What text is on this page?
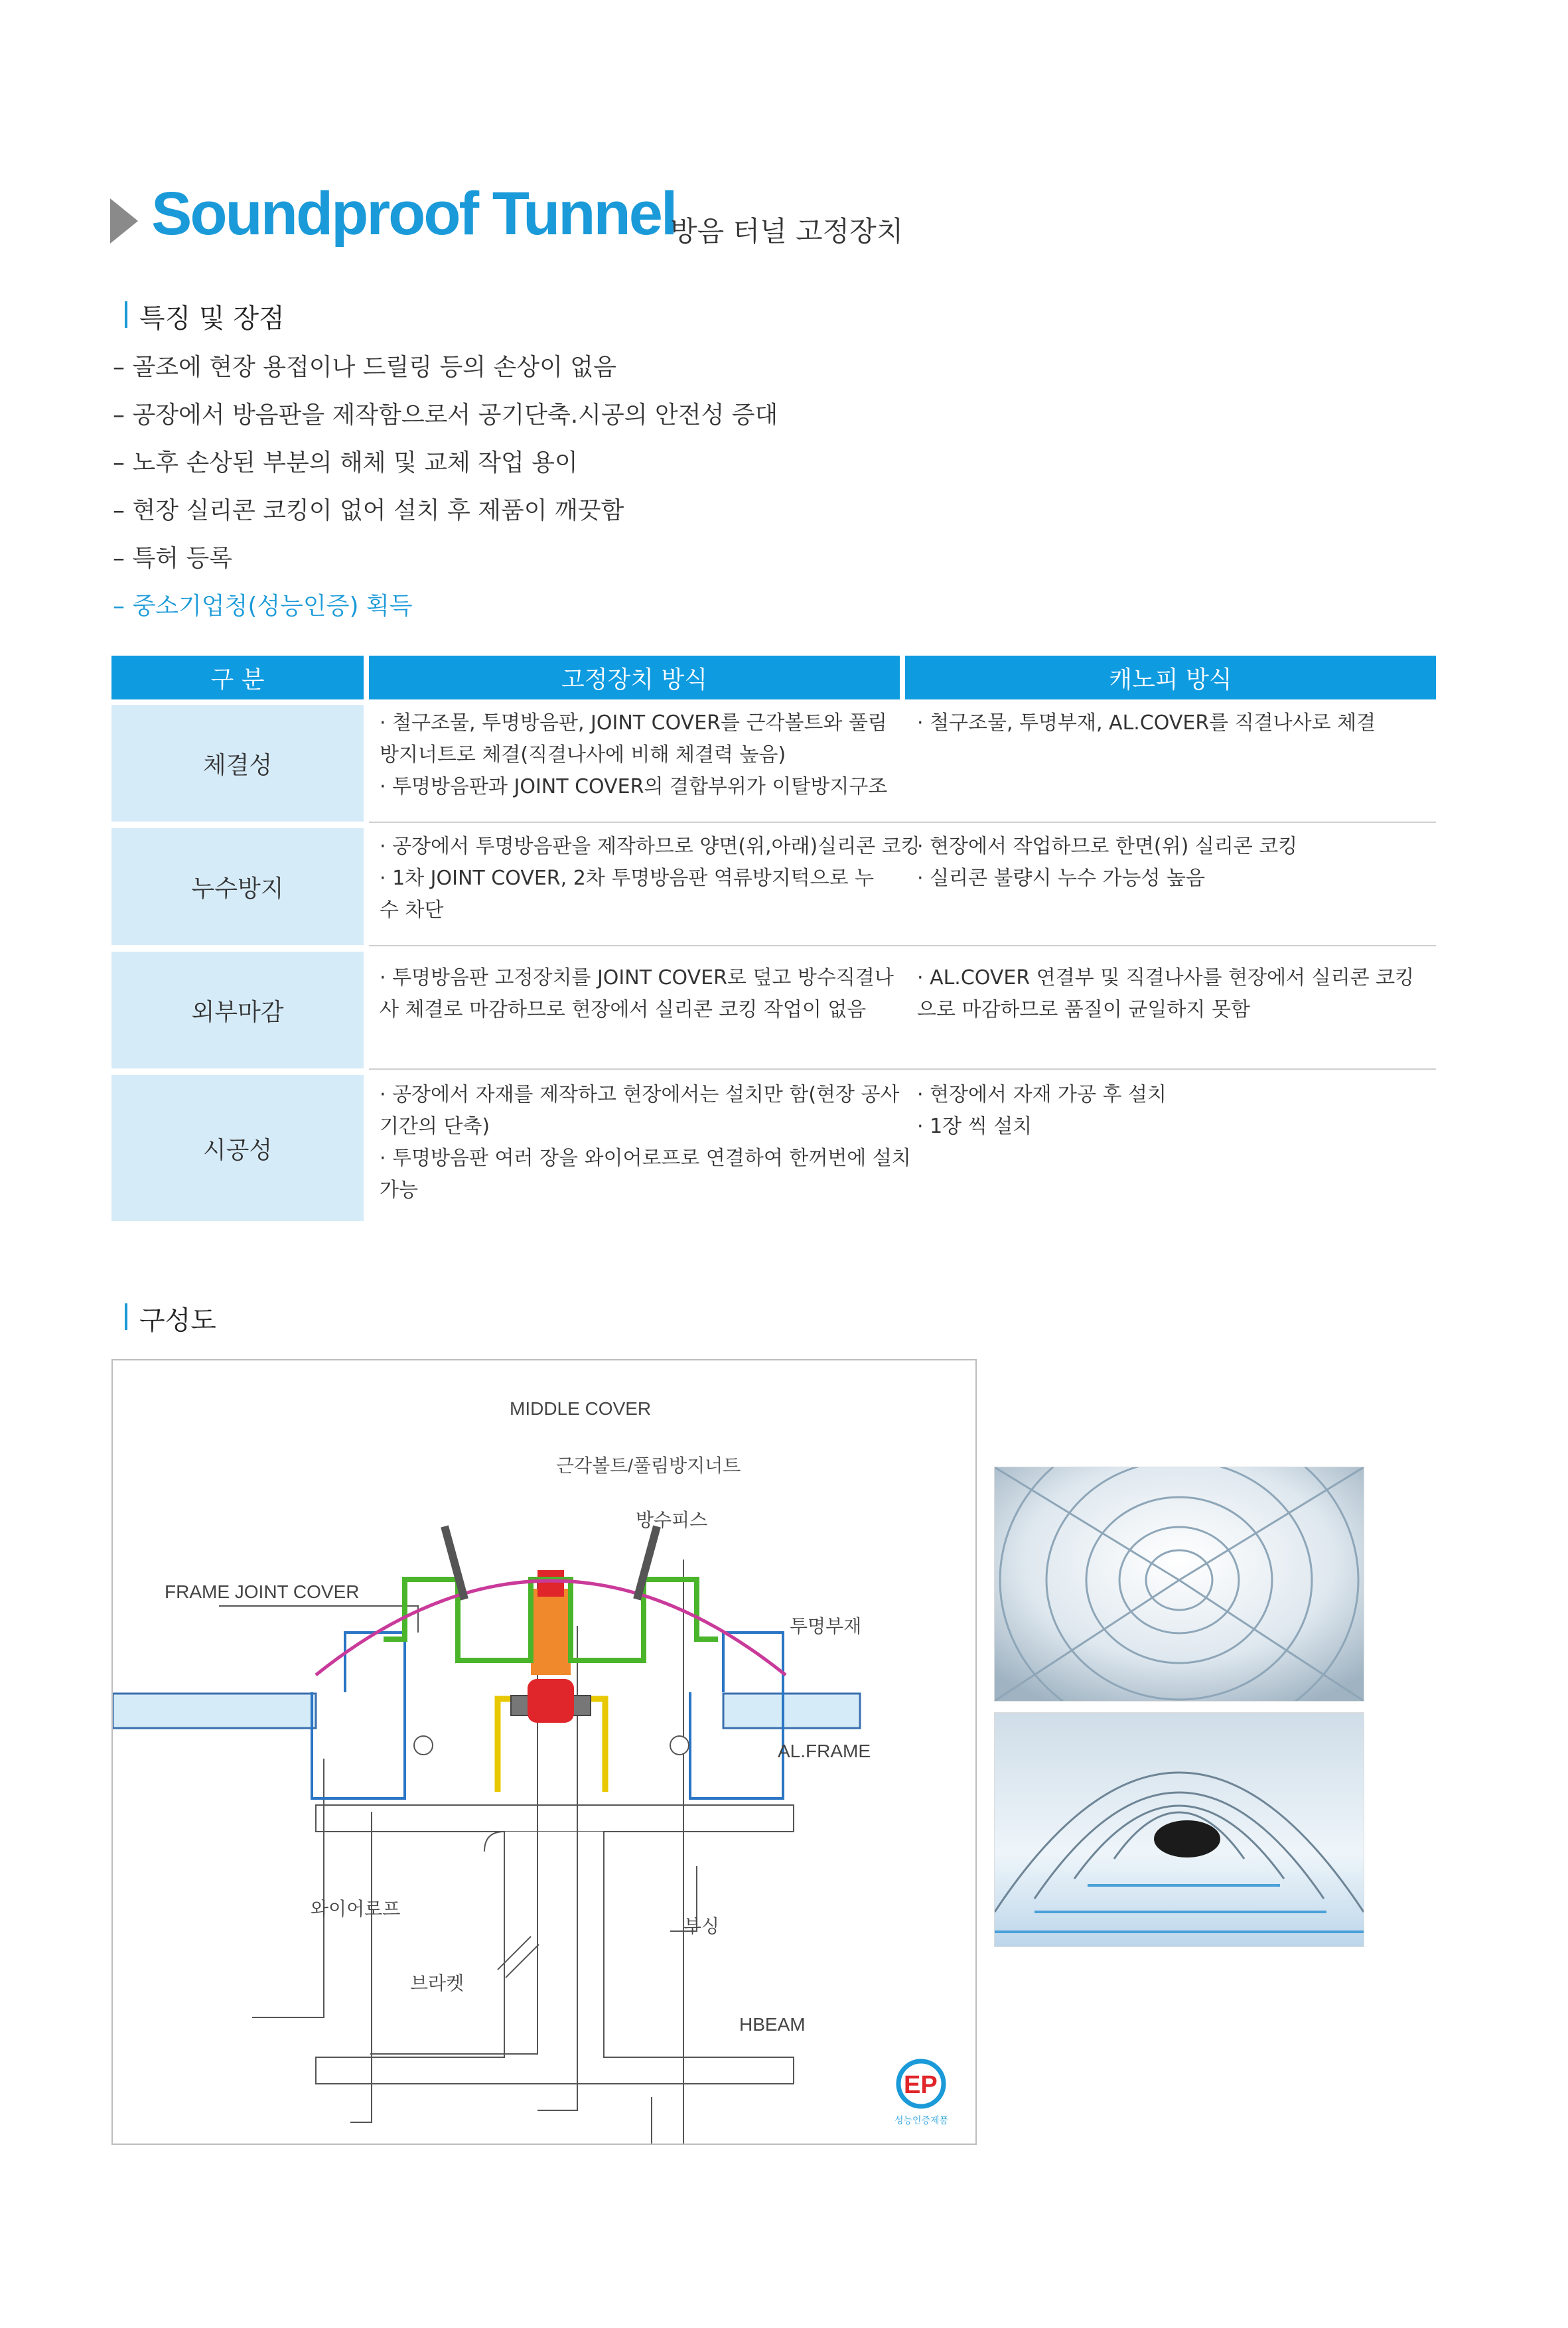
Soundproof Tunnel
방음 터널 고정장치
특징 및 장점
– 골조에 현장 용접이나 드릴링 등의 손상이 없음
– 공장에서 방음판을 제작함으로서 공기단축.시공의 안전성 증대
– 노후 손상된 부분의 해체 및 교체 작업 용이
– 현장 실리콘 코킹이 없어 설치 후 제품이 깨끗함
– 특허 등록
– 중소기업청(성능인증) 획득
구 분	고정장치 방식	캐노피 방식
체결성
· 철구조물, 투명방음판, JOINT COVER를 근각볼트와 풀림
방지너트로 체결(직결나사에 비해 체결력 높음)
· 투명방음판과 JOINT COVER의 결합부위가 이탈방지구조
· 철구조물, 투명부재, AL.COVER를 직결나사로 체결
누수방지
· 공장에서 투명방음판을 제작하므로 양면(위,아래)실리콘 코킹
· 1차 JOINT COVER, 2차 투명방음판 역류방지턱으로 누
수 차단
· 현장에서 작업하므로 한면(위) 실리콘 코킹
· 실리콘 불량시 누수 가능성 높음
외부마감
· 투명방음판 고정장치를 JOINT COVER로 덮고 방수직결나
사 체결로 마감하므로 현장에서 실리콘 코킹 작업이 없음
· AL.COVER 연결부 및 직결나사를 현장에서 실리콘 코킹
으로 마감하므로 품질이 균일하지 못함
시공성
· 공장에서 자재를 제작하고 현장에서는 설치만 함(현장 공사
기간의 단축)
· 투명방음판 여러 장을 와이어로프로 연결하여 한꺼번에 설치
가능
· 현장에서 자재 가공 후 설치
· 1장 씩 설치
구성도
MIDDLE COVER
근각볼트/풀림방지너트
방수피스
FRAME JOINT COVER
투명부재
AL.FRAME
와이어로프
부싱
브라켓
HBEAM
EP
성능인증제품
